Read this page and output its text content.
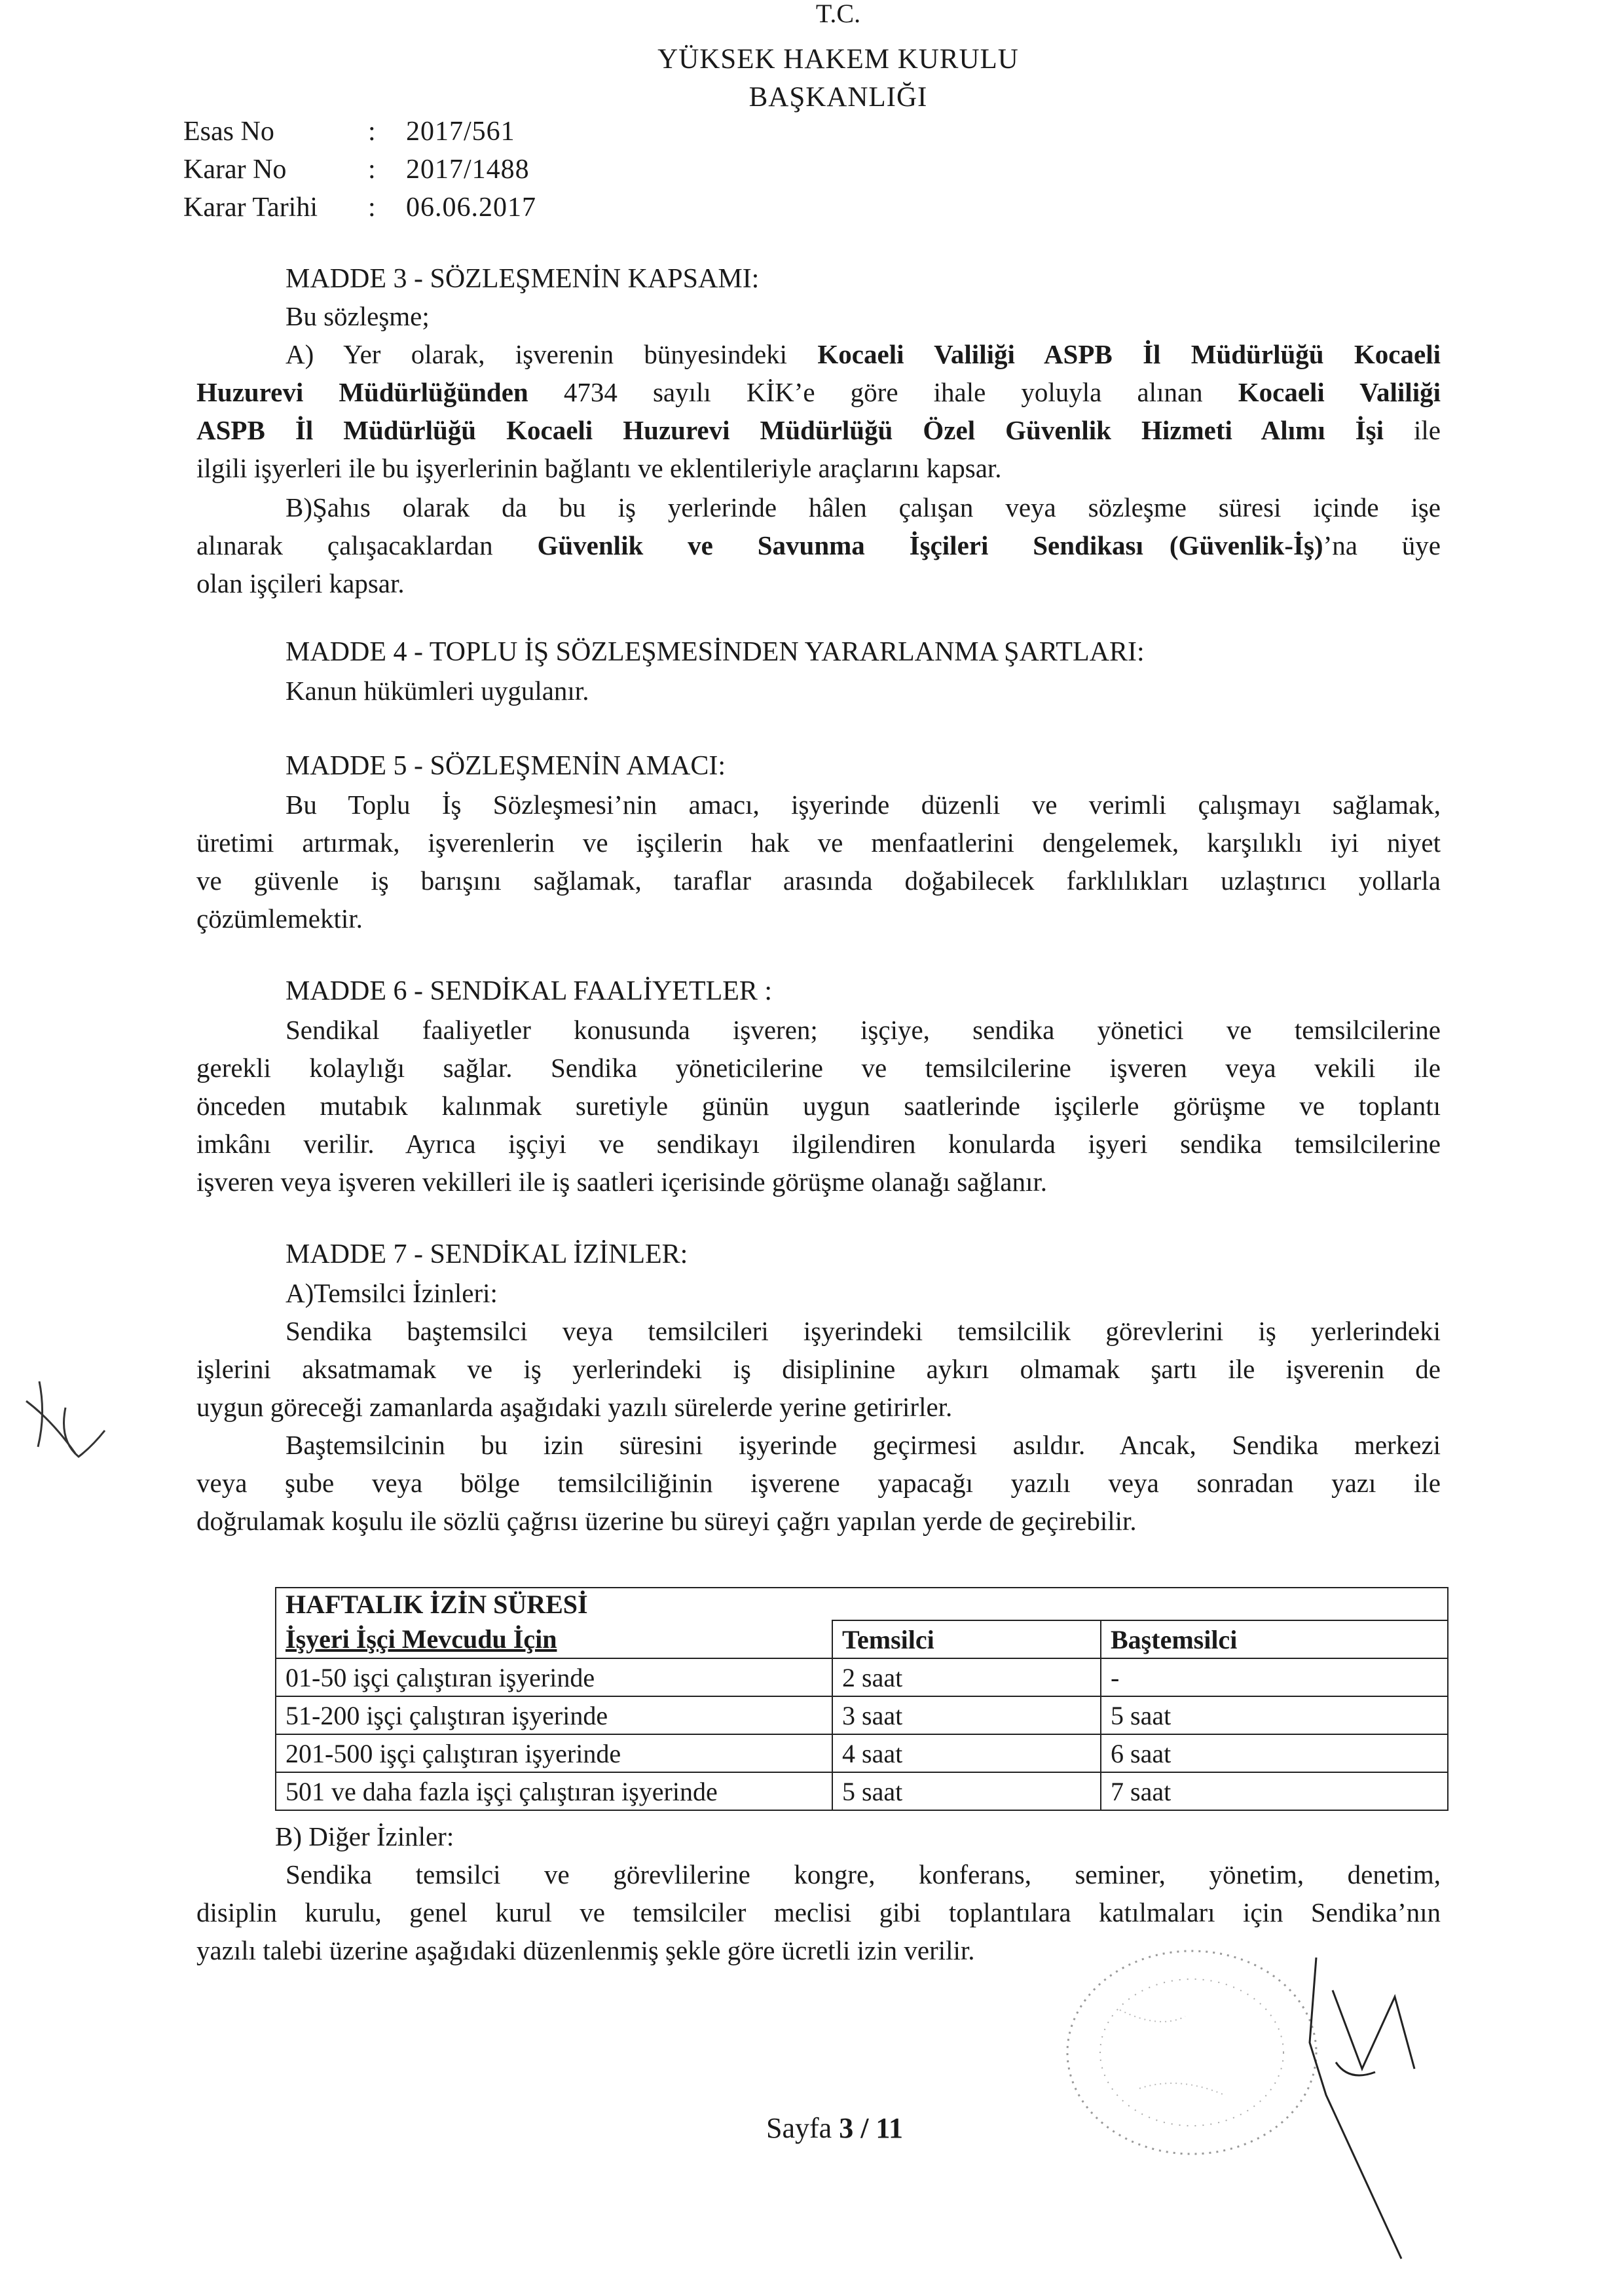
T.C.
YÜKSEK HAKEM KURULU
BAŞKANLIĞI
Esas No	:	2017/561
Karar No	:	2017/1488
Karar Tarihi	:	06.06.2017
MADDE 3 - SÖZLEŞMENİN KAPSAMI:
Bu sözleşme;
A) Yer olarak, işverenin bünyesindeki Kocaeli Valiliği ASPB İl Müdürlüğü Kocaeli
Huzurevi Müdürlüğünden 4734 sayılı KİK’e göre ihale yoluyla alınan Kocaeli Valiliği
ASPB İl Müdürlüğü Kocaeli Huzurevi Müdürlüğü Özel Güvenlik Hizmeti Alımı İşi ile
ilgili işyerleri ile bu işyerlerinin bağlantı ve eklentileriyle araçlarını kapsar.
B)Şahıs olarak da bu iş yerlerinde hâlen çalışan veya sözleşme süresi içinde işe
alınarak çalışacaklardan Güvenlik ve Savunma İşçileri Sendikası (Güvenlik-İş)’na üye
olan işçileri kapsar.
MADDE 4 - TOPLU İŞ SÖZLEŞMESİNDEN YARARLANMA ŞARTLARI:
Kanun hükümleri uygulanır.
MADDE 5 - SÖZLEŞMENİN AMACI:
Bu Toplu İş Sözleşmesi’nin amacı, işyerinde düzenli ve verimli çalışmayı sağlamak,
üretimi artırmak, işverenlerin ve işçilerin hak ve menfaatlerini dengelemek, karşılıklı iyi niyet
ve güvenle iş barışını sağlamak, taraflar arasında doğabilecek farklılıkları uzlaştırıcı yollarla
çözümlemektir.
MADDE 6 - SENDİKAL FAALİYETLER :
Sendikal faaliyetler konusunda işveren; işçiye, sendika yönetici ve temsilcilerine
gerekli kolaylığı sağlar. Sendika yöneticilerine ve temsilcilerine işveren veya vekili ile
önceden mutabık kalınmak suretiyle günün uygun saatlerinde işçilerle görüşme ve toplantı
imkânı verilir. Ayrıca işçiyi ve sendikayı ilgilendiren konularda işyeri sendika temsilcilerine
işveren veya işveren vekilleri ile iş saatleri içerisinde görüşme olanağı sağlanır.
MADDE 7 - SENDİKAL İZİNLER:
A)Temsilci İzinleri:
Sendika baştemsilci veya temsilcileri işyerindeki temsilcilik görevlerini iş yerlerindeki
işlerini aksatmamak ve iş yerlerindeki iş disiplinine aykırı olmamak şartı ile işverenin de
uygun göreceği zamanlarda aşağıdaki yazılı sürelerde yerine getirirler.
Baştemsilcinin bu izin süresini işyerinde geçirmesi asıldır. Ancak, Sendika merkezi
veya şube veya bölge temsilciliğinin işverene yapacağı yazılı veya sonradan yazı ile
doğrulamak koşulu ile sözlü çağrısı üzerine bu süreyi çağrı yapılan yerde de geçirebilir.
HAFTALIK İZİN SÜRESİ		
İşyeri İşçi Mevcudu İçin	Temsilci	Baştemsilci
01-50 işçi çalıştıran işyerinde	2 saat	-
51-200 işçi çalıştıran işyerinde	3 saat	5 saat
201-500 işçi çalıştıran işyerinde	4 saat	6 saat
501 ve daha fazla işçi çalıştıran işyerinde	5 saat	7 saat
B) Diğer İzinler:
Sendika temsilci ve görevlilerine kongre, konferans, seminer, yönetim, denetim,
disiplin kurulu, genel kurul ve temsilciler meclisi gibi toplantılara katılmaları için Sendika’nın
yazılı talebi üzerine aşağıdaki düzenlenmiş şekle göre ücretli izin verilir.
Sayfa 3 / 11
